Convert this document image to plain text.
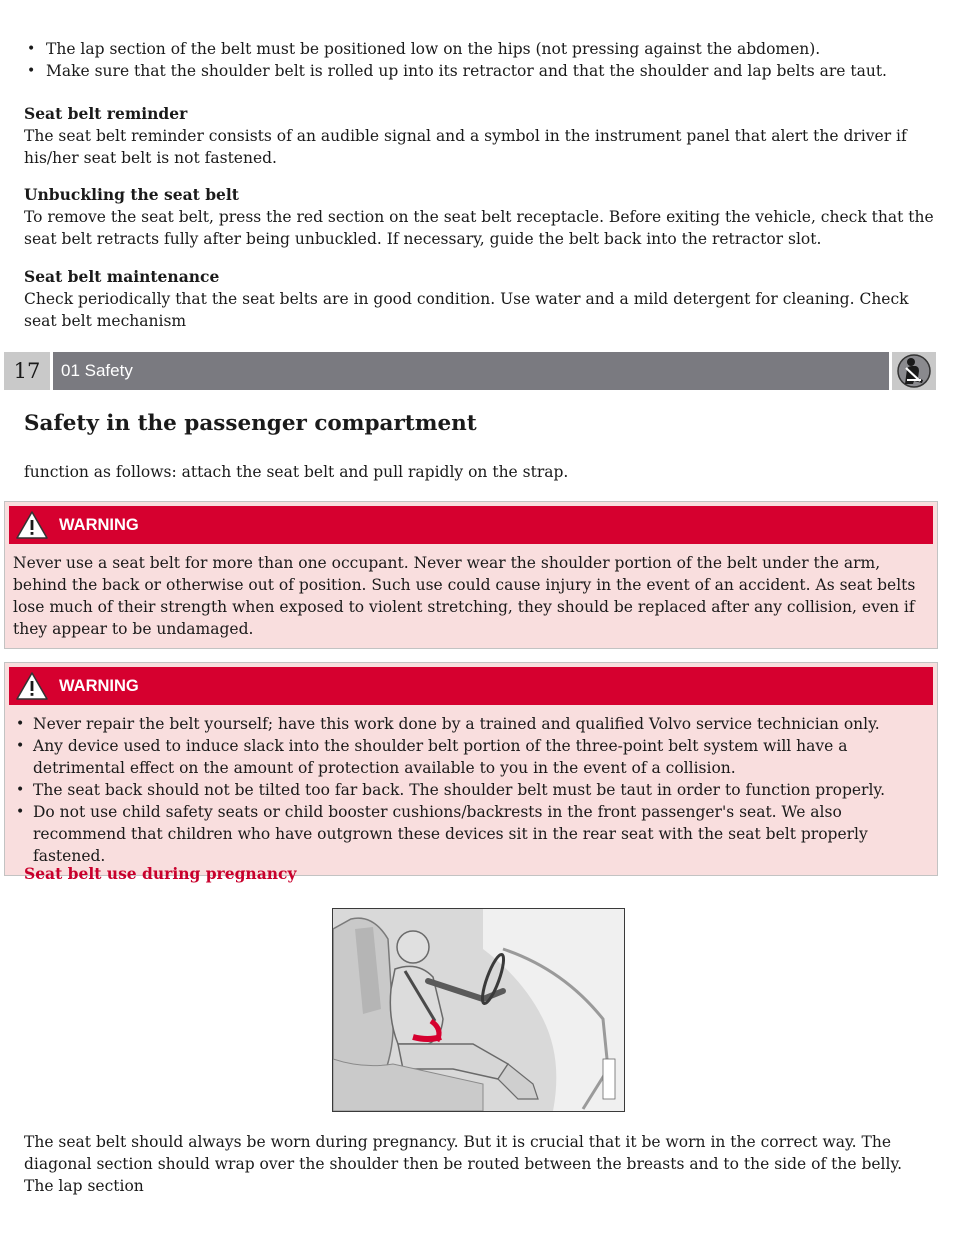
• The lap section of the belt must be positioned low on the hips (not pressing against the abdomen).
• Make sure that the shoulder belt is rolled up into its retractor and that the shoulder and lap belts are taut.
Seat belt reminder

The seat belt reminder consists of an audible signal and a symbol in the instrument panel that alert the driver if his/her seat belt is not fastened.

Unbuckling the seat belt

To remove the seat belt, press the red section on the seat belt receptacle. Before exiting the vehicle, check that the seat belt retracts fully after being unbuckled. If necessary, guide the belt back into the retractor slot.

Seat belt maintenance

Check periodically that the seat belts are in good condition. Use water and a mild detergent for cleaning. Check seat belt mechanism

17	01 Safety
Safety in the passenger compartment

function as follows: attach the seat belt and pull rapidly on the strap.

WARNING

Never use a seat belt for more than one occupant. Never wear the shoulder portion of the belt under the arm, behind the back or otherwise out of position. Such use could cause injury in the event of an accident. As seat belts lose much of their strength when exposed to violent stretching, they should be replaced after any collision, even if they appear to be undamaged.

WARNING
• Never repair the belt yourself; have this work done by a trained and qualified Volvo service technician only.
• Any device used to induce slack into the shoulder belt portion of the three-point belt system will have a detrimental effect on the amount of protection available to you in the event of a collision.
• The seat back should not be tilted too far back. The shoulder belt must be taut in order to function properly.
• Do not use child safety seats or child booster cushions/backrests in the front passenger's seat. We also recommend that children who have outgrown these devices sit in the rear seat with the seat belt properly fastened.
Seat belt use during pregnancy

The seat belt should always be worn during pregnancy. But it is crucial that it be worn in the correct way. The diagonal section should wrap over the shoulder then be routed between the breasts and to the side of the belly. The lap section
